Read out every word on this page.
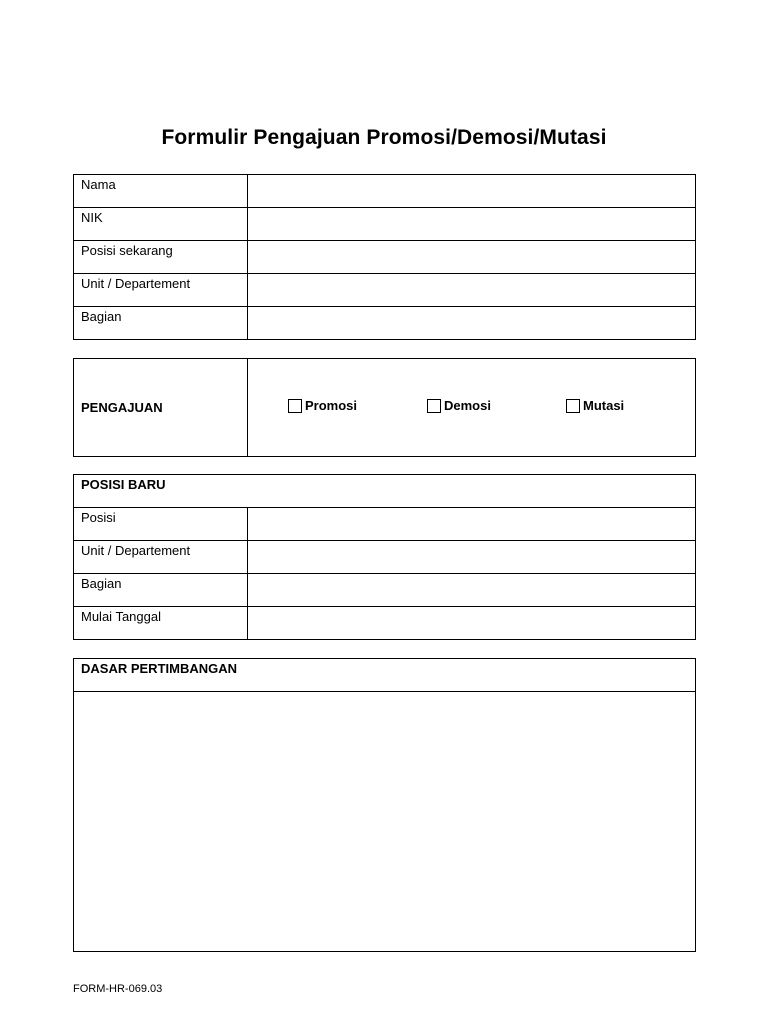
Formulir Pengajuan Promosi/Demosi/Mutasi
Nama	
NIK	
Posisi sekarang	
Unit / Departement	
Bagian	
PENGAJUAN	Promosi	Demosi	Mutasi
POSISI BARU	
Posisi	
Unit / Departement	
Bagian	
Mulai Tanggal	
DASAR PERTIMBANGAN

FORM-HR-069.03
